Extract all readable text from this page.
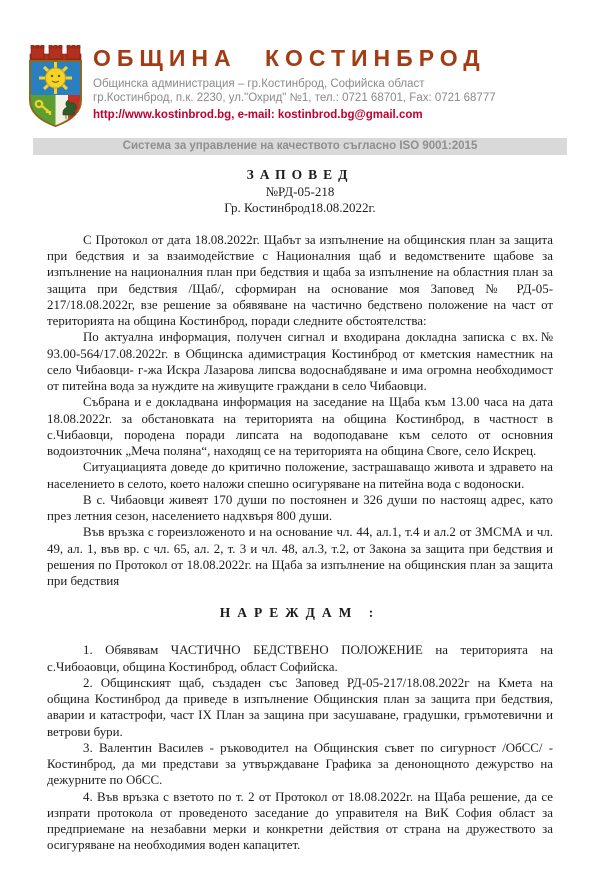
ОБЩИНА КОСТИНБРОД
Общинска администрация – гр.Костинброд, Софийска област
гр.Костинброд, п.к. 2230, ул."Охрид" №1, тел.: 0721 68701, Fax: 0721 68777
http://www.kostinbrod.bg, e-mail: kostinbrod.bg@gmail.com
Система за управление на качеството съгласно ISO 9001:2015
ЗАПОВЕД
№РД-05-218
Гр. Костинброд18.08.2022г.

С Протокол от дата 18.08.2022г. Щабът за изпълнение на общинския план за защита при бедствия и за взаимодействие с Националния щаб и ведомствените щабове за изпълнение на националния план при бедствия и щаба за изпълнение на областния план за защита при бедствия /Щаб/, сформиран на основание моя Заповед № РД-05-217/18.08.2022г, взе решение за обявяване на частично бедствено положение на част от територията на община Костинброд, поради следните обстоятелства:

По актуална информация, получен сигнал и входирана докладна записка с вх.№ 93.00-564/17.08.2022г. в Общинска адимистрация Костинброд от кметския наместник на село Чибаовци- г-жа Искра Лазарова липсва водоснабдяване и има огромна необходимост от питейна вода за нуждите на живущите граждани в село Чибаовци.

Събрана и е докладвана информация на заседание на Щаба към 13.00 часа на дата 18.08.2022г. за обстановката на територията на община Костинброд, в частност в с.Чибаовци, породена поради липсата на водоподаване към селото от основния водоизточник „Меча поляна“, находящ се на територията на община Своге, село Искрец.

Ситуациацията доведе до критично положение, застрашаващо живота и здравето на населението в селото, което наложи спешно осигуряване на питейна вода с водоноски.

В с. Чибаовци живеят 170 души по постоянен и 326 души по настоящ адрес, като през летния сезон, населението надхвъря 800 души.

Във връзка с гореизложеното и на основание чл. 44, ал.1, т.4 и ал.2 от ЗМСМА и чл. 49, ал. 1, във вр. с чл. 65, ал. 2, т. 3 и чл. 48, ал.3, т.2, от Закона за защита при бедствия и решения по Протокол от 18.08.2022г. на Щаба за изпълнение на общинския план за защита при бедствия

НАРЕЖДАМ :

1. Обявявам ЧАСТИЧНО БЕДСТВЕНО ПОЛОЖЕНИЕ на територията на с.Чибоаовци, община Костинброд, област Софийска.

2. Общинският щаб, създаден със Заповед РД-05-217/18.08.2022г на Кмета на община Костинброд да приведе в изпълнение Общинския план за защита при бедствия, аварии и катастрофи, част IX План за защина при засушаване, градушки, гръмотевични и ветрови бури.

3. Валентин Василев - ръководител на Общинския съвет по сигурност /ОбСС/ - Костинброд, да ми представи за утвърждаване Графика за денонощното дежурство на дежурните по ОбСС.

4. Във връзка с взетото по т. 2 от Протокол от 18.08.2022г. на Щаба решение, да се изпрати протокола от проведеното заседание до управителя на ВиК София област за предприемане на незабавни мерки и конкретни действия от страна на дружеството за осигуряване на необходимия воден капацитет.
